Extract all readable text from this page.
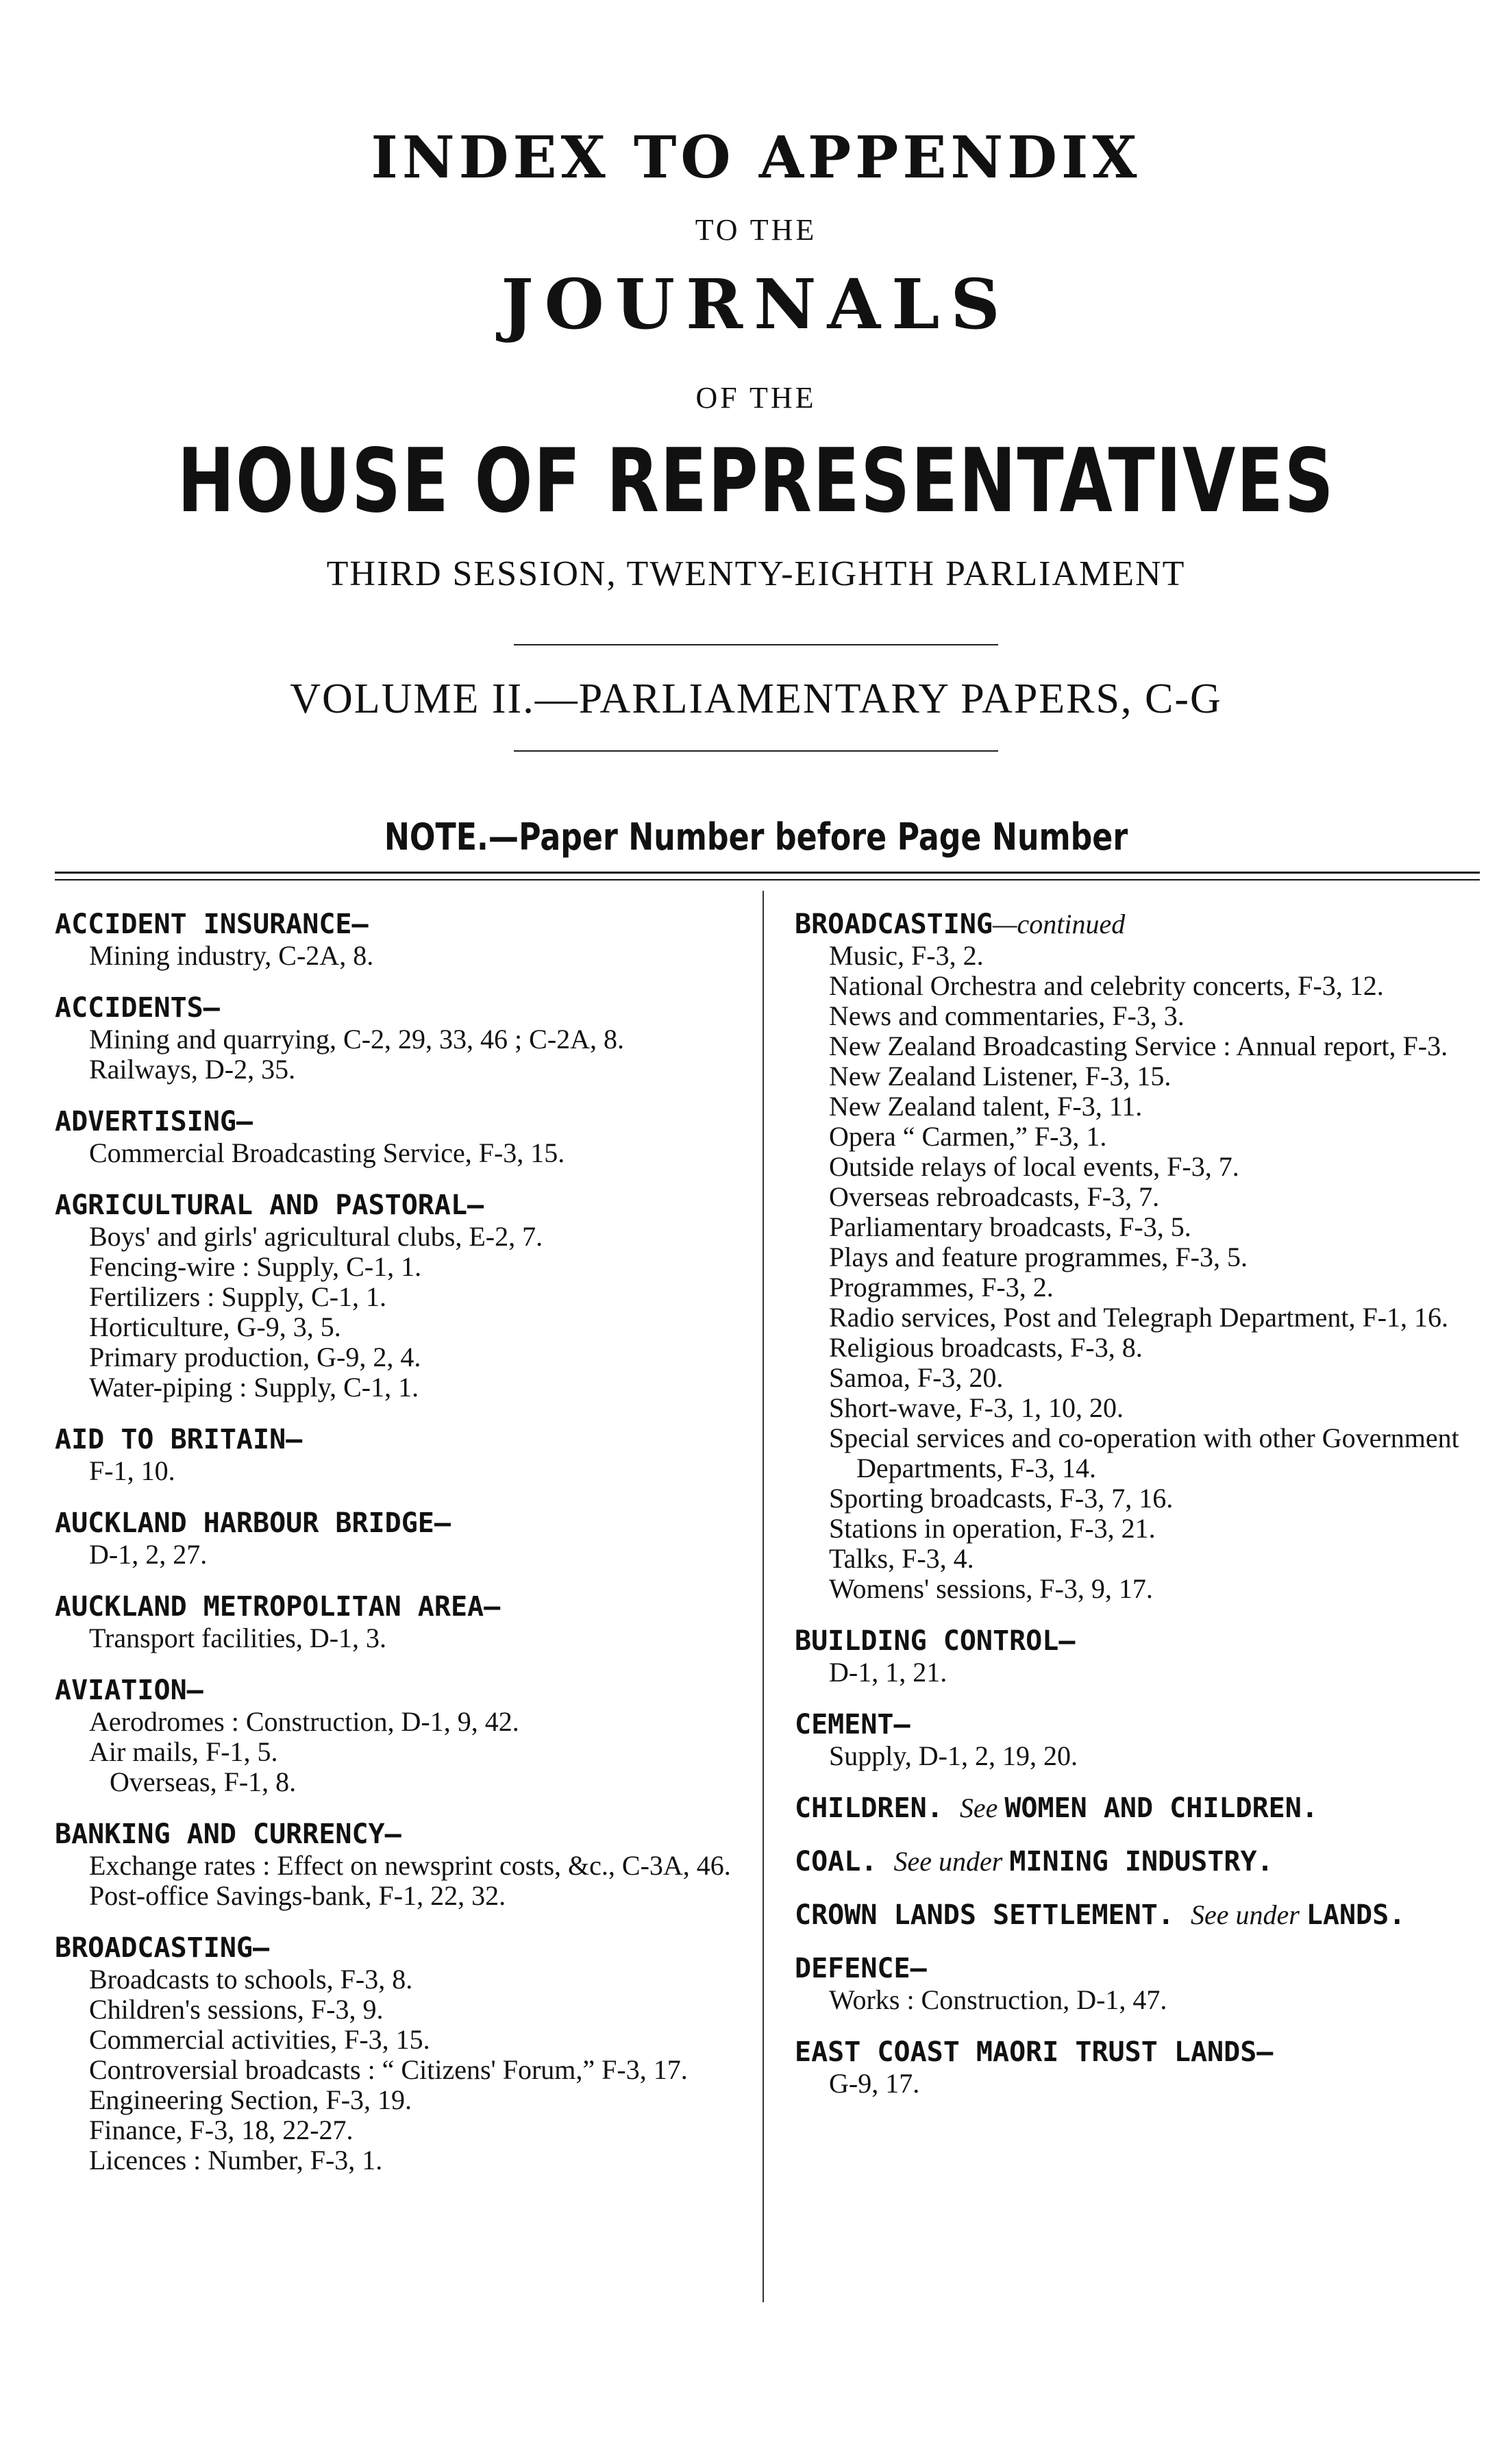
INDEX TO APPENDIX
TO THE
JOURNALS
OF THE
HOUSE OF REPRESENTATIVES
THIRD SESSION, TWENTY-EIGHTH PARLIAMENT
VOLUME II.—PARLIAMENTARY PAPERS, C-G
NOTE.—Paper Number before Page Number
ACCIDENT INSURANCE—
Mining industry, C-2A, 8.
ACCIDENTS—
Mining and quarrying, C-2, 29, 33, 46 ; C-2A, 8.
Railways, D-2, 35.
ADVERTISING—
Commercial Broadcasting Service, F-3, 15.
AGRICULTURAL AND PASTORAL—
Boys' and girls' agricultural clubs, E-2, 7.
Fencing-wire : Supply, C-1, 1.
Fertilizers : Supply, C-1, 1.
Horticulture, G-9, 3, 5.
Primary production, G-9, 2, 4.
Water-piping : Supply, C-1, 1.
AID TO BRITAIN—
F-1, 10.
AUCKLAND HARBOUR BRIDGE—
D-1, 2, 27.
AUCKLAND METROPOLITAN AREA—
Transport facilities, D-1, 3.
AVIATION—
Aerodromes : Construction, D-1, 9, 42.
Air mails, F-1, 5.
Overseas, F-1, 8.
BANKING AND CURRENCY—
Exchange rates : Effect on newsprint costs, &c., C-3A, 46.
Post-office Savings-bank, F-1, 22, 32.
BROADCASTING—
Broadcasts to schools, F-3, 8.
Children's sessions, F-3, 9.
Commercial activities, F-3, 15.
Controversial broadcasts : “ Citizens' Forum,” F-3, 17.
Engineering Section, F-3, 19.
Finance, F-3, 18, 22-27.
Licences : Number, F-3, 1.
BROADCASTING—continued
Music, F-3, 2.
National Orchestra and celebrity concerts, F-3, 12.
News and commentaries, F-3, 3.
New Zealand Broadcasting Service : Annual report, F-3.
New Zealand Listener, F-3, 15.
New Zealand talent, F-3, 11.
Opera “ Carmen,” F-3, 1.
Outside relays of local events, F-3, 7.
Overseas rebroadcasts, F-3, 7.
Parliamentary broadcasts, F-3, 5.
Plays and feature programmes, F-3, 5.
Programmes, F-3, 2.
Radio services, Post and Telegraph Department, F-1, 16.
Religious broadcasts, F-3, 8.
Samoa, F-3, 20.
Short-wave, F-3, 1, 10, 20.
Special services and co-operation with other Government Departments, F-3, 14.
Sporting broadcasts, F-3, 7, 16.
Stations in operation, F-3, 21.
Talks, F-3, 4.
Womens' sessions, F-3, 9, 17.
BUILDING CONTROL—
D-1, 1, 21.
CEMENT—
Supply, D-1, 2, 19, 20.
CHILDREN. See WOMEN AND CHILDREN.
COAL. See under MINING INDUSTRY.
CROWN LANDS SETTLEMENT. See under LANDS.
DEFENCE—
Works : Construction, D-1, 47.
EAST COAST MAORI TRUST LANDS—
G-9, 17.
